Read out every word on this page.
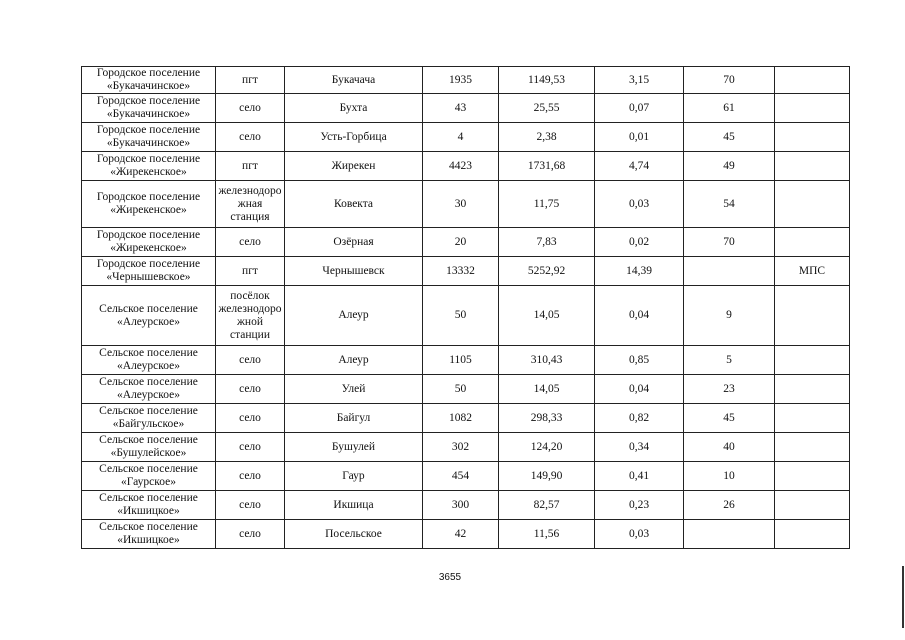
Городское поселение «Букачачинское»	пгт	Букачача	1935	1149,53	3,15	70	
Городское поселение «Букачачинское»	село	Бухта	43	25,55	0,07	61	
Городское поселение «Букачачинское»	село	Усть-Горбица	4	2,38	0,01	45	
Городское поселение «Жирекенское»	пгт	Жирекен	4423	1731,68	4,74	49	
Городское поселение «Жирекенское»	железнодорожная станция	Ковекта	30	11,75	0,03	54	
Городское поселение «Жирекенское»	село	Озёрная	20	7,83	0,02	70	
Городское поселение «Чернышевское»	пгт	Чернышевск	13332	5252,92	14,39		МПС
Сельское поселение «Алеурское»	посёлок железнодорожной станции	Алеур	50	14,05	0,04	9	
Сельское поселение «Алеурское»	село	Алеур	1105	310,43	0,85	5	
Сельское поселение «Алеурское»	село	Улей	50	14,05	0,04	23	
Сельское поселение «Байгульское»	село	Байгул	1082	298,33	0,82	45	
Сельское поселение «Бушулейское»	село	Бушулей	302	124,20	0,34	40	
Сельское поселение «Гаурское»	село	Гаур	454	149,90	0,41	10	
Сельское поселение «Икшицкое»	село	Икшица	300	82,57	0,23	26	
Сельское поселение «Икшицкое»	село	Посельское	42	11,56	0,03		
3655
